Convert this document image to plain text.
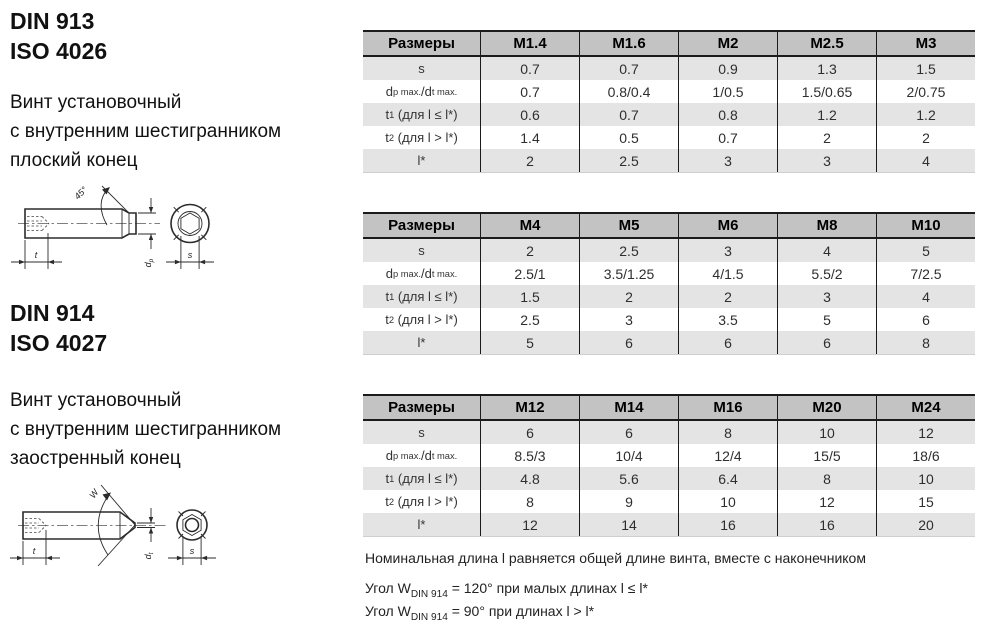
DIN 913
ISO 4026
Винт установочный
с внутренним шестигранником
плоский конец
45°
t
$d_p$
s
DIN 914
ISO 4027
Винт установочный
с внутренним шестигранником
заостренный конец
W
t
$d_t$	s
Размеры	M1.4	M1.6	M2	M2.5	M3
s	0.7	0.7	0.9	1.3	1.5
d p max. /d t max.	0.7	0.8/0.4	1/0.5	1.5/0.65	2/0.75
t 1 (для l ≤ l*)	0.6	0.7	0.8	1.2	1.2
t 2 (для l > l*)	1.4	0.5	0.7	2	2
l*	2	2.5	3	3	4
Размеры	M4	M5	M6	M8	M10
s	2	2.5	3	4	5
d p max. /d t max.	2.5/1	3.5/1.25	4/1.5	5.5/2	7/2.5
t 1 (для l ≤ l*)	1.5	2	2	3	4
t 2 (для l > l*)	2.5	3	3.5	5	6
l*	5	6	6	6	8
Размеры	M12	M14	M16	M20	M24
s	6	6	8	10	12
d p max. /d t max.	8.5/3	10/4	12/4	15/5	18/6
t 1 (для l ≤ l*)	4.8	5.6	6.4	8	10
t 2 (для l > l*)	8	9	10	12	15
l*	12	14	16	16	20
Номинальная длина l равняется общей длине винта, вместе с наконечником
Угол $W_{DIN 914} = 120^\circ$ при малых длинах l ≤ l*
Угол $W_{DIN 914} = 90^\circ$ при длинах l > l*
